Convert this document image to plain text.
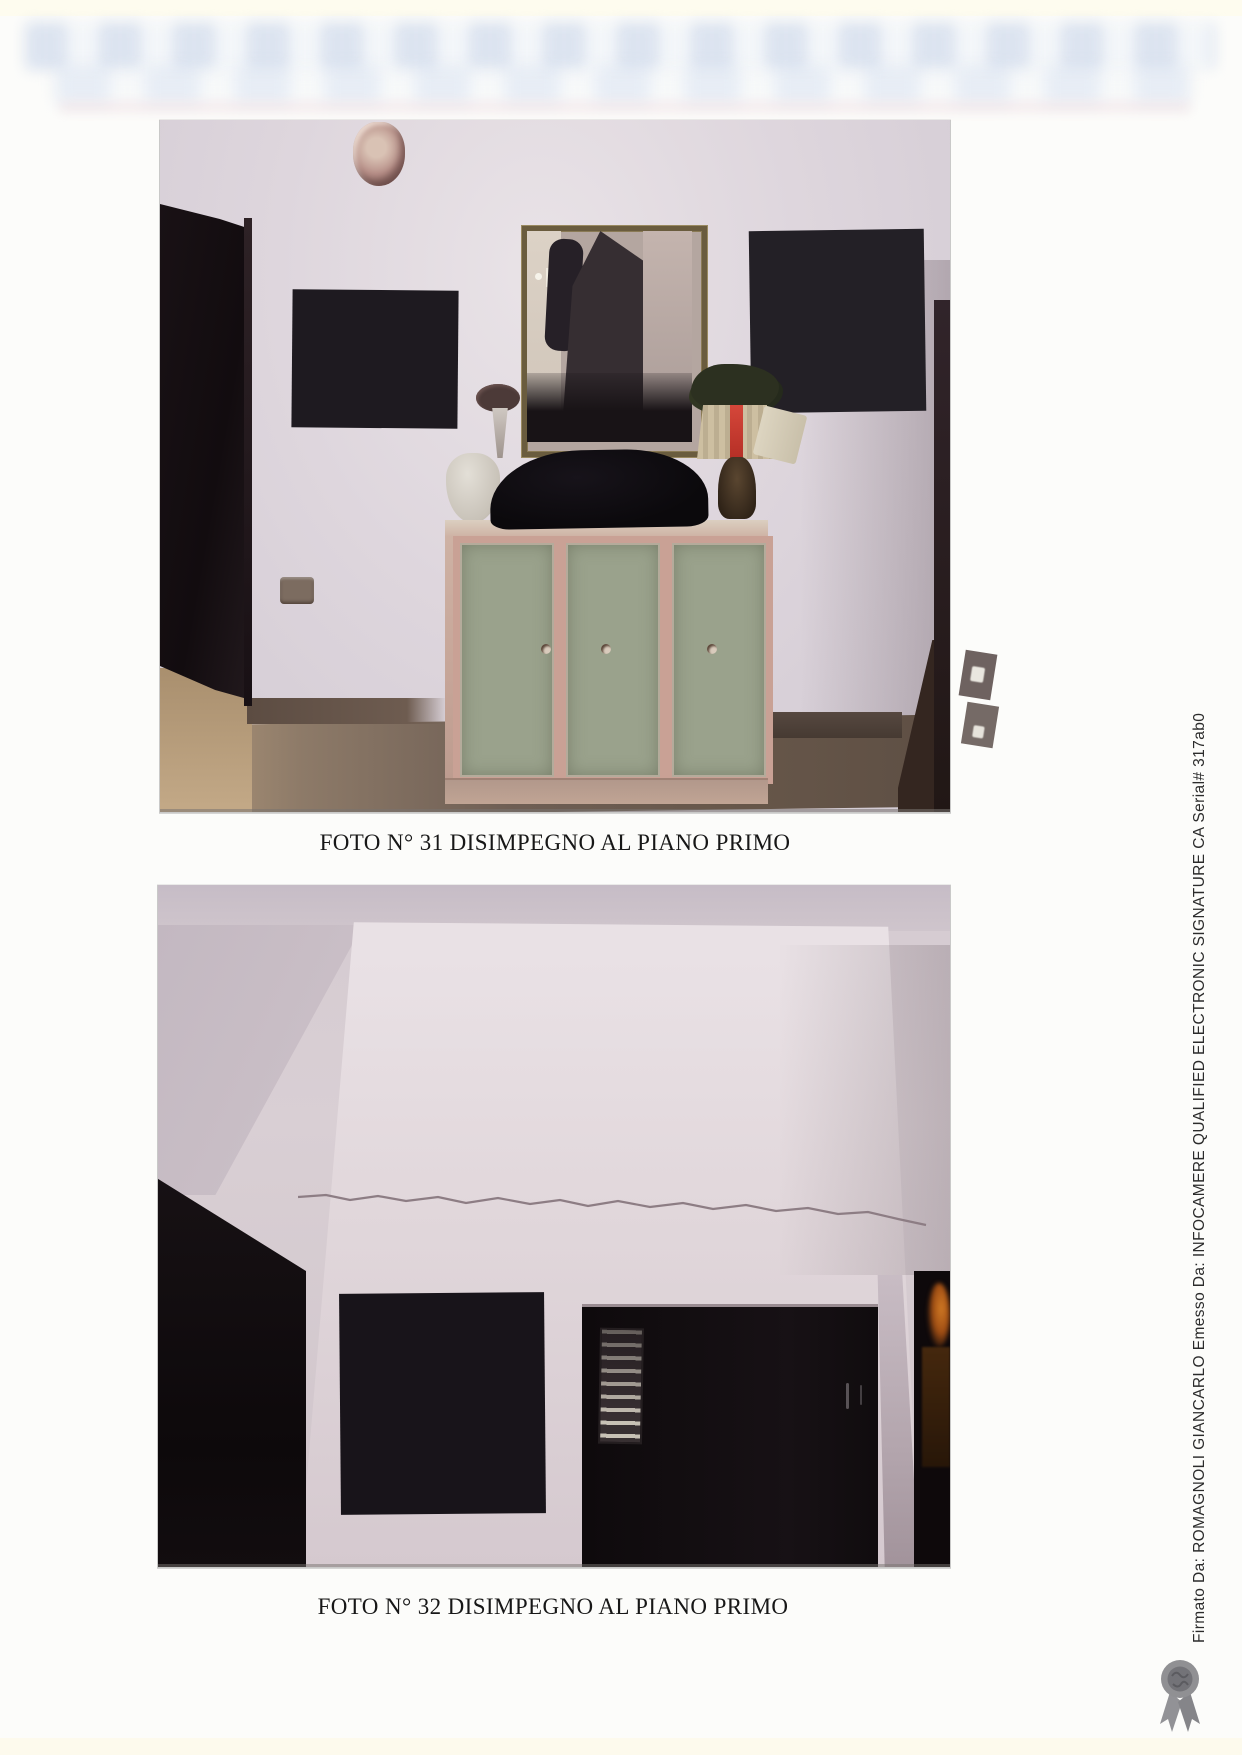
FOTO N° 31 DISIMPEGNO AL PIANO PRIMO
FOTO N° 32 DISIMPEGNO AL PIANO PRIMO	Firmato Da: ROMAGNOLI GIANCARLO Emesso Da: INFOCAMERE QUALIFIED ELECTRONIC SIGNATURE CA Serial# 317ab0
